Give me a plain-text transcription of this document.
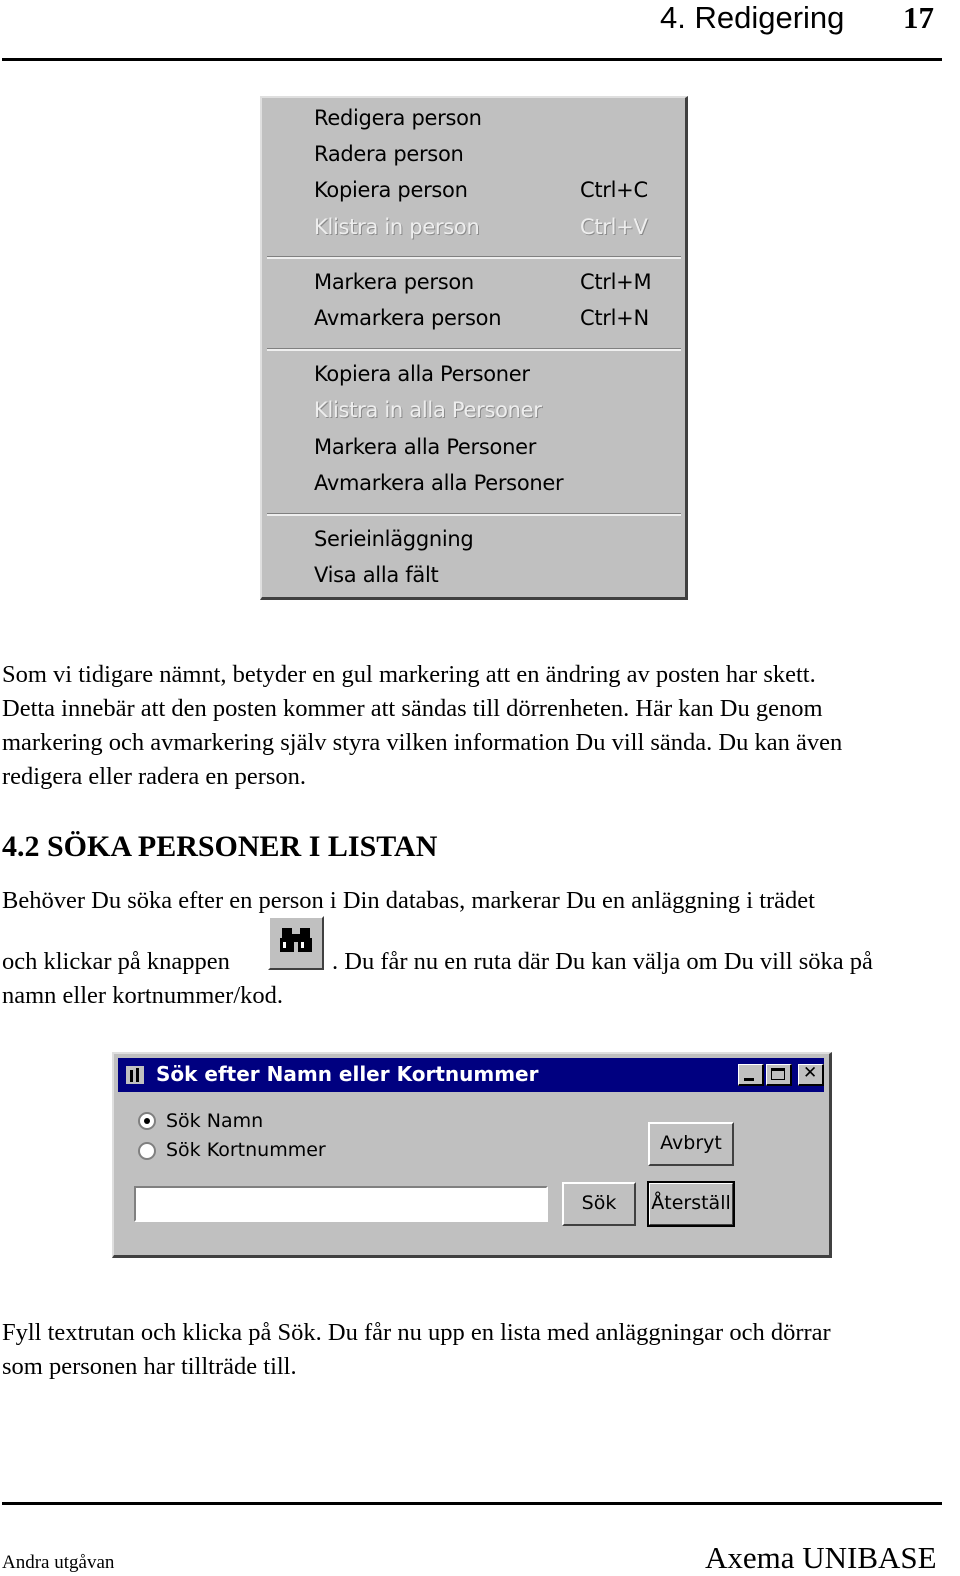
4. Redigering 17
Redigera person
Radera person
Kopiera person	Ctrl+C
Klistra in person	Ctrl+V
Markera person	Ctrl+M
Avmarkera person	Ctrl+N
Kopiera alla Personer
Klistra in alla Personer
Markera alla Personer
Avmarkera alla Personer
Serieinläggning
Visa alla fält
Som vi tidigare nämnt, betyder en gul markering att en ändring av posten har skett.
Detta innebär att den posten kommer att sändas till dörrenheten. Här kan Du genom
markering och avmarkering själv styra vilken information Du vill sända. Du kan även
redigera eller radera en person.
4.2 SÖKA PERSONER I LISTAN
Behöver Du söka efter en person i Din databas, markerar Du en anläggning i trädet
och klickar på knappen	. Du får nu en ruta där Du kan välja om Du vill söka på
namn eller kortnummer/kod.
Sök efter Namn eller Kortnummer	✕
Sök Namn
Sök Kortnummer	Avbryt
Sök	Återställ
Fyll textrutan och klicka på Sök. Du får nu upp en lista med anläggningar och dörrar
som personen har tillträde till.
Andra utgåvan	Axema UNIBASE
